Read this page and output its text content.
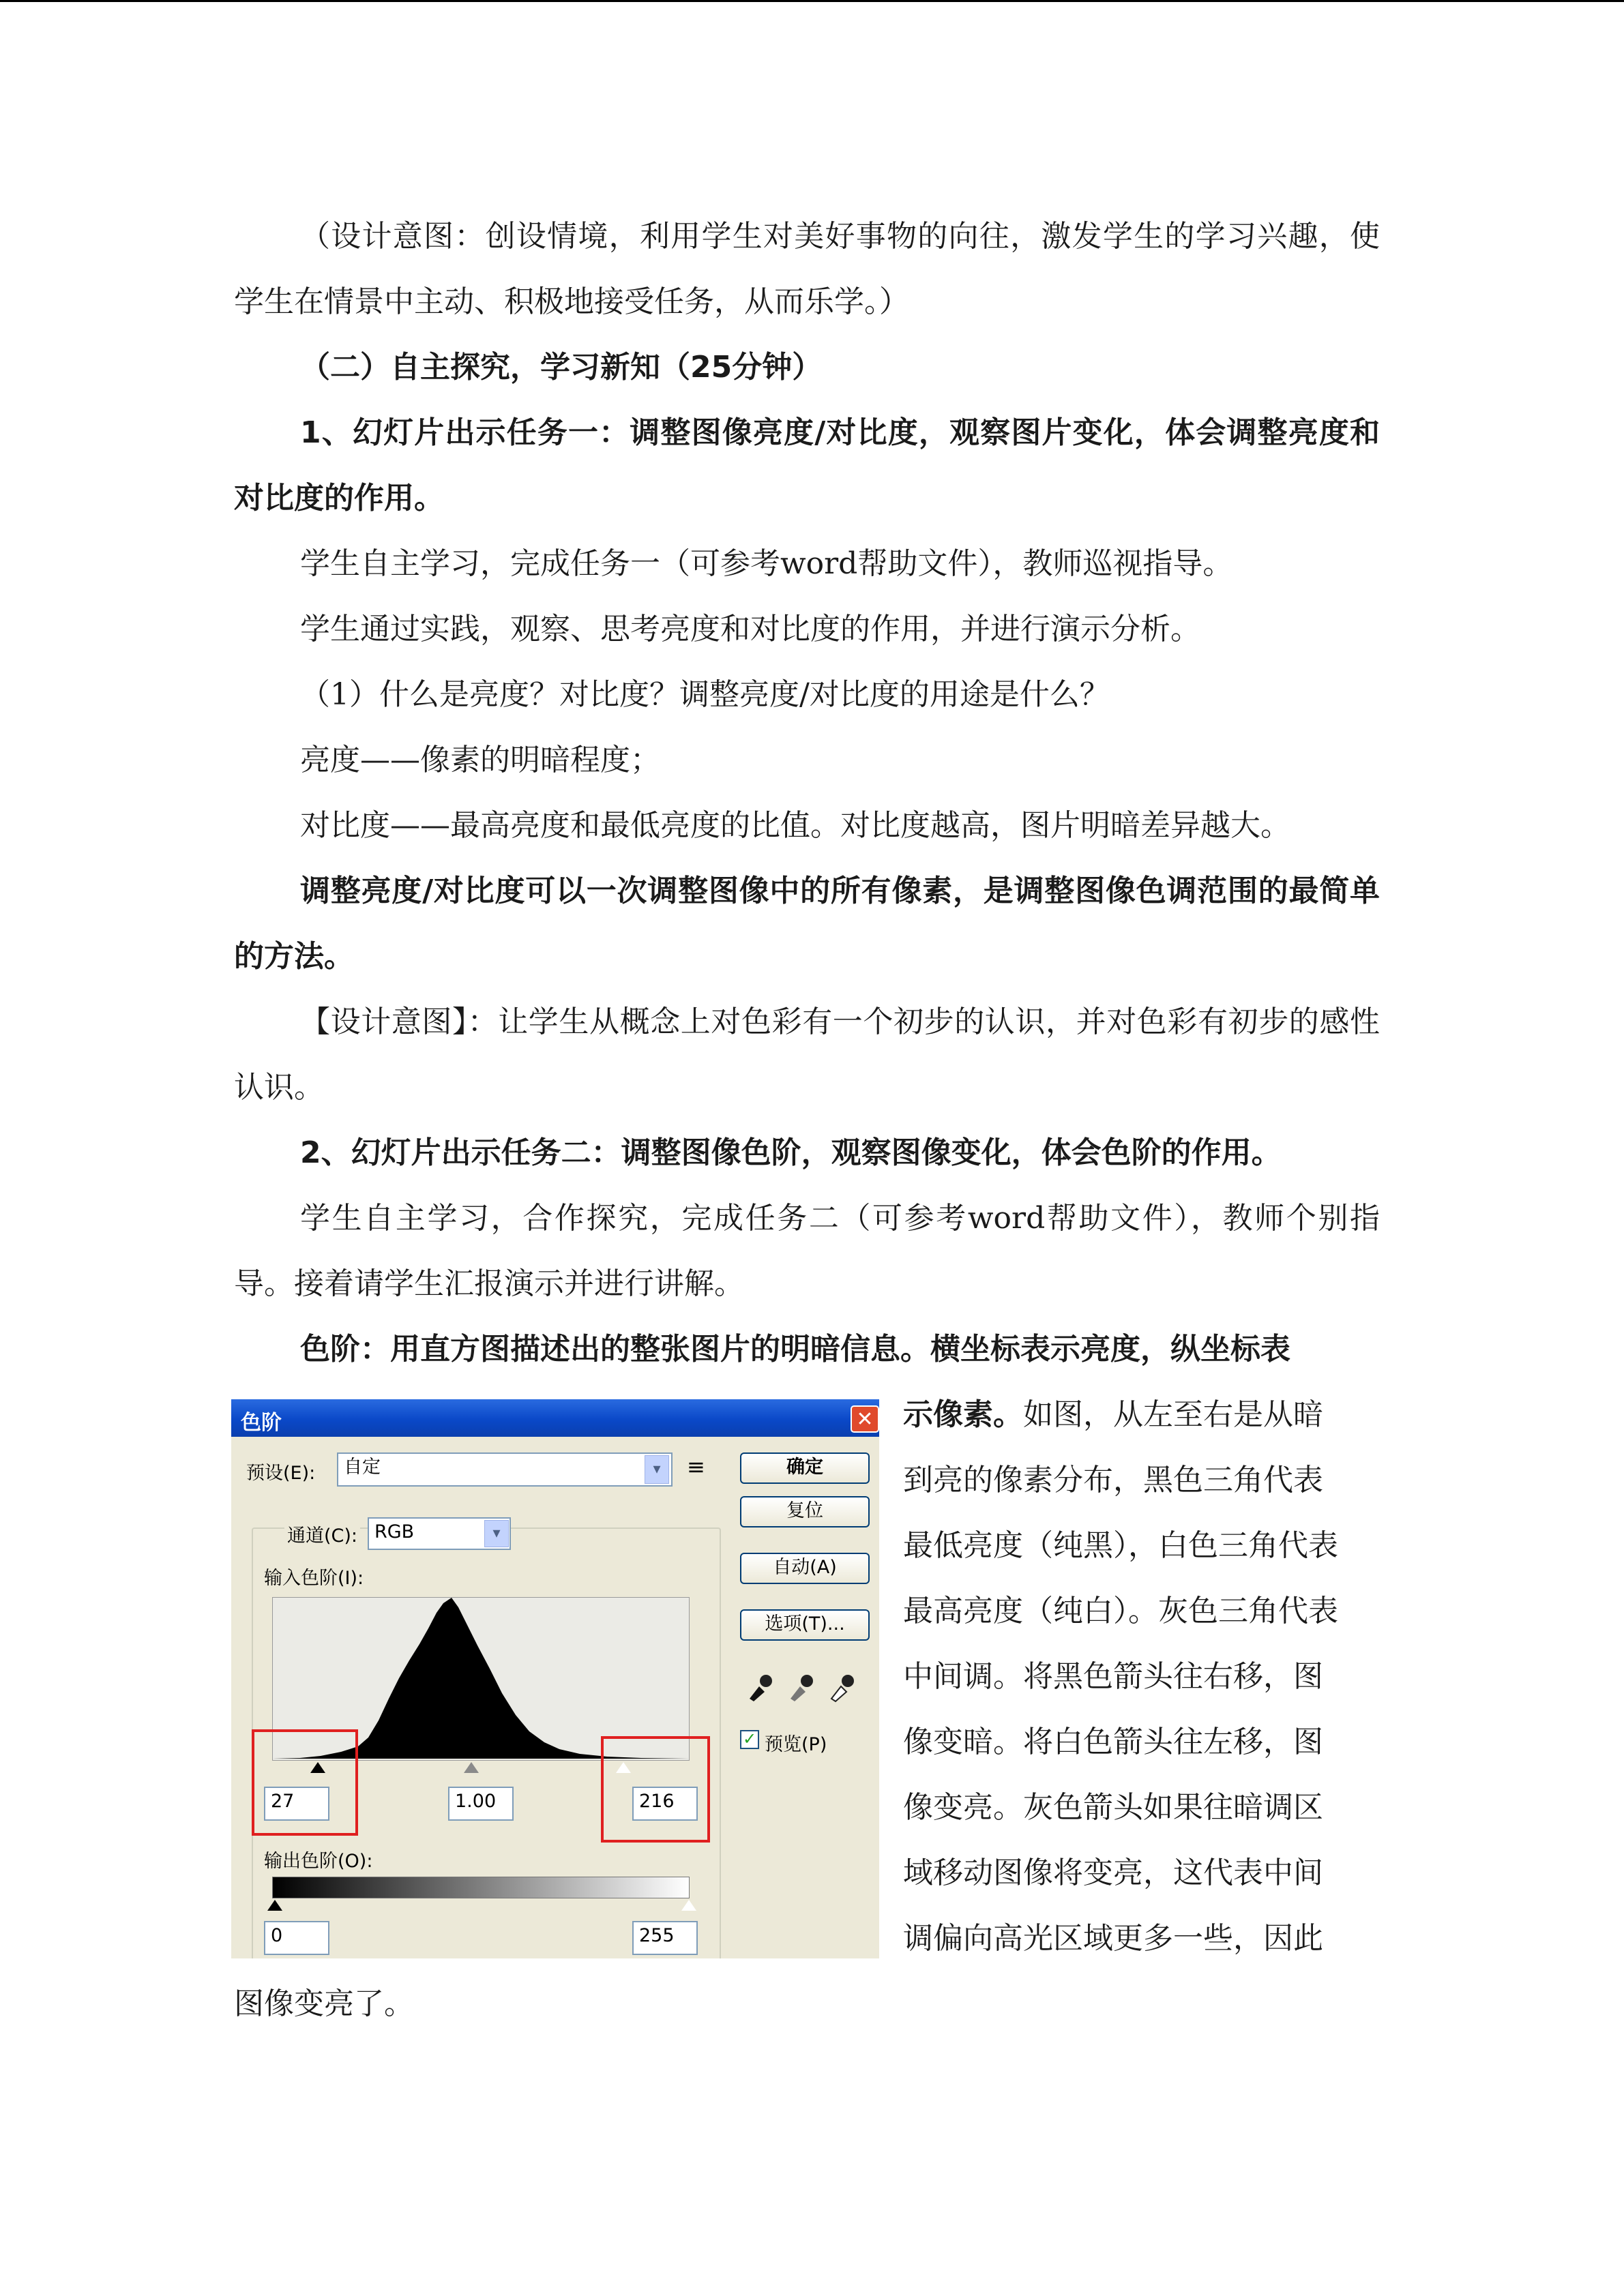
（设计意图：创设情境，利用学生对美好事物的向往，激发学生的学习兴趣，使学生在情景中主动、积极地接受任务，从而乐学。）
（二）自主探究，学习新知（25分钟）
1、幻灯片出示任务一：调整图像亮度/对比度，观察图片变化，体会调整亮度和对比度的作用。
学生自主学习，完成任务一（可参考word帮助文件），教师巡视指导。
学生通过实践，观察、思考亮度和对比度的作用，并进行演示分析。
（1）什么是亮度？对比度？调整亮度/对比度的用途是什么？
亮度——像素的明暗程度；
对比度——最高亮度和最低亮度的比值。对比度越高，图片明暗差异越大。
调整亮度/对比度可以一次调整图像中的所有像素，是调整图像色调范围的最简单的方法。
【设计意图】：让学生从概念上对色彩有一个初步的认识，并对色彩有初步的感性认识。
2、幻灯片出示任务二：调整图像色阶，观察图像变化，体会色阶的作用。
学生自主学习，合作探究，完成任务二（可参考word帮助文件），教师个别指导。接着请学生汇报演示并进行讲解。
色阶：用直方图描述出的整张图片的明暗信息。横坐标表示亮度，纵坐标表
示像素。如图，从左至右是从暗
到亮的像素分布，黑色三角代表
最低亮度（纯黑），白色三角代表
最高亮度（纯白）。灰色三角代表
中间调。将黑色箭头往右移，图
像变暗。将白色箭头往左移，图
像变亮。灰色箭头如果往暗调区
域移动图像将变亮，这代表中间
调偏向高光区域更多一些，因此
图像变亮了。
色阶	✕
预设(E):	自定	▾	≡	确定
复位
自动(A)
选项(T)...
✓ 预览(P)
通道(C): RGB	▾
输入色阶(I):
27	1.00	216
输出色阶(O):
0	255
